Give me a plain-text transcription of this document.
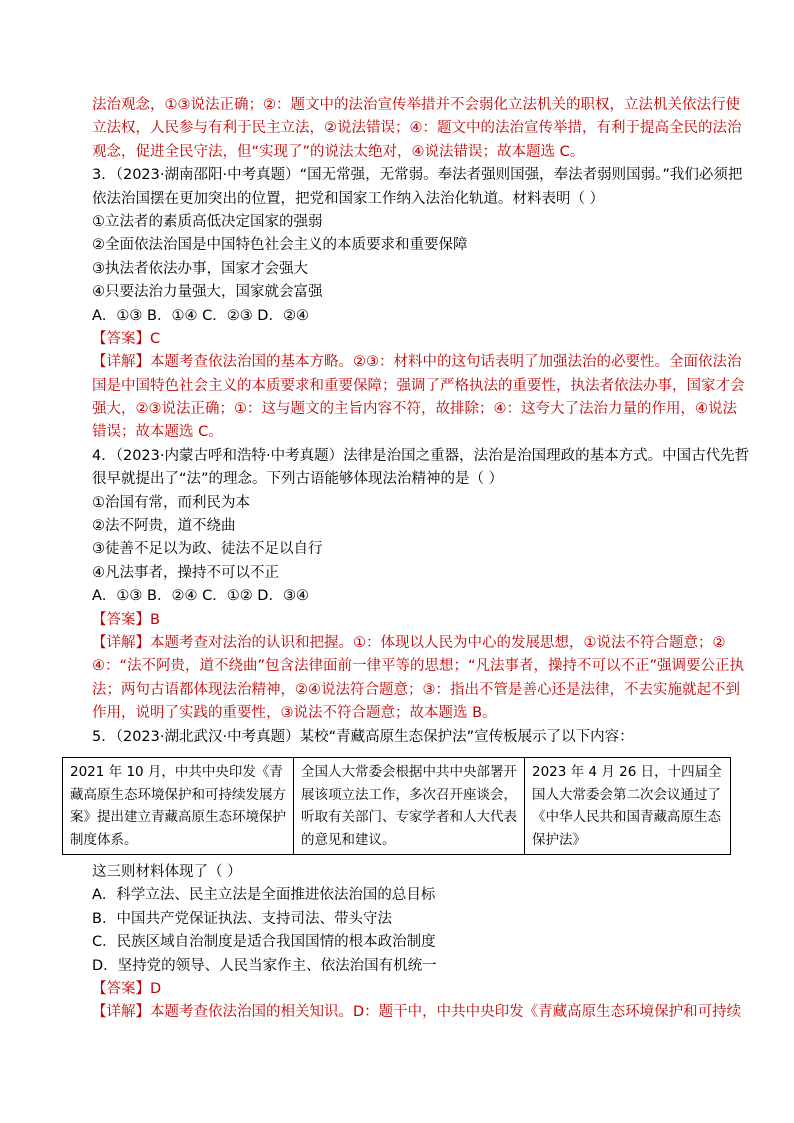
法治观念，①③说法正确；②：题文中的法治宣传举措并不会弱化立法机关的职权，立法机关依法行使
立法权，人民参与有利于民主立法，②说法错误；④：题文中的法治宣传举措，有利于提高全民的法治
观念，促进全民守法，但“实现了”的说法太绝对，④说法错误；故本题选 C。
3．（2023·湖南邵阳·中考真题）“国无常强，无常弱。奉法者强则国强，奉法者弱则国弱。”我们必须把
依法治国摆在更加突出的位置，把党和国家工作纳入法治化轨道。材料表明（ ）
①立法者的素质高低决定国家的强弱
②全面依法治国是中国特色社会主义的本质要求和重要保障
③执法者依法办事，国家才会强大
④只要法治力量强大，国家就会富强
A．①③ B．①④ C．②③ D．②④
【答案】C
【详解】本题考查依法治国的基本方略。②③：材料中的这句话表明了加强法治的必要性。全面依法治
国是中国特色社会主义的本质要求和重要保障；强调了严格执法的重要性，执法者依法办事，国家才会
强大，②③说法正确；①：这与题文的主旨内容不符，故排除；④：这夸大了法治力量的作用，④说法
错误；故本题选 C。
4．（2023·内蒙古呼和浩特·中考真题）法律是治国之重器，法治是治国理政的基本方式。中国古代先哲
很早就提出了“法”的理念。下列古语能够体现法治精神的是（ ）
①治国有常，而利民为本
②法不阿贵，道不绕曲
③徒善不足以为政、徒法不足以自行
④凡法事者，操持不可以不正
A．①③ B．②④ C．①② D．③④
【答案】B
【详解】本题考查对法治的认识和把握。①：体现以人民为中心的发展思想，①说法不符合题意；②
④：“法不阿贵，道不绕曲”包含法律面前一律平等的思想；“凡法事者，操持不可以不正”强调要公正执
法；两句古语都体现法治精神，②④说法符合题意；③：指出不管是善心还是法律，不去实施就起不到
作用，说明了实践的重要性，③说法不符合题意；故本题选 B。
5．（2023·湖北武汉·中考真题）某校“青藏高原生态保护法”宣传板展示了以下内容：
2021 年 10 月，中共中央印发《青藏高原生态环境保护和可持续发展方案》提出建立青藏高原生态环境保护制度体系。	全国人大常委会根据中共中央部署开展该项立法工作，多次召开座谈会，听取有关部门、专家学者和人大代表的意见和建议。	2023 年 4 月 26 日，十四届全国人大常委会第二次会议通过了《中华人民共和国青藏高原生态保护法》
这三则材料体现了（ ）
A．科学立法、民主立法是全面推进依法治国的总目标
B．中国共产党保证执法、支持司法、带头守法
C．民族区域自治制度是适合我国国情的根本政治制度
D．坚持党的领导、人民当家作主、依法治国有机统一
【答案】D
【详解】本题考查依法治国的相关知识。D：题干中，中共中央印发《青藏高原生态环境保护和可持续
